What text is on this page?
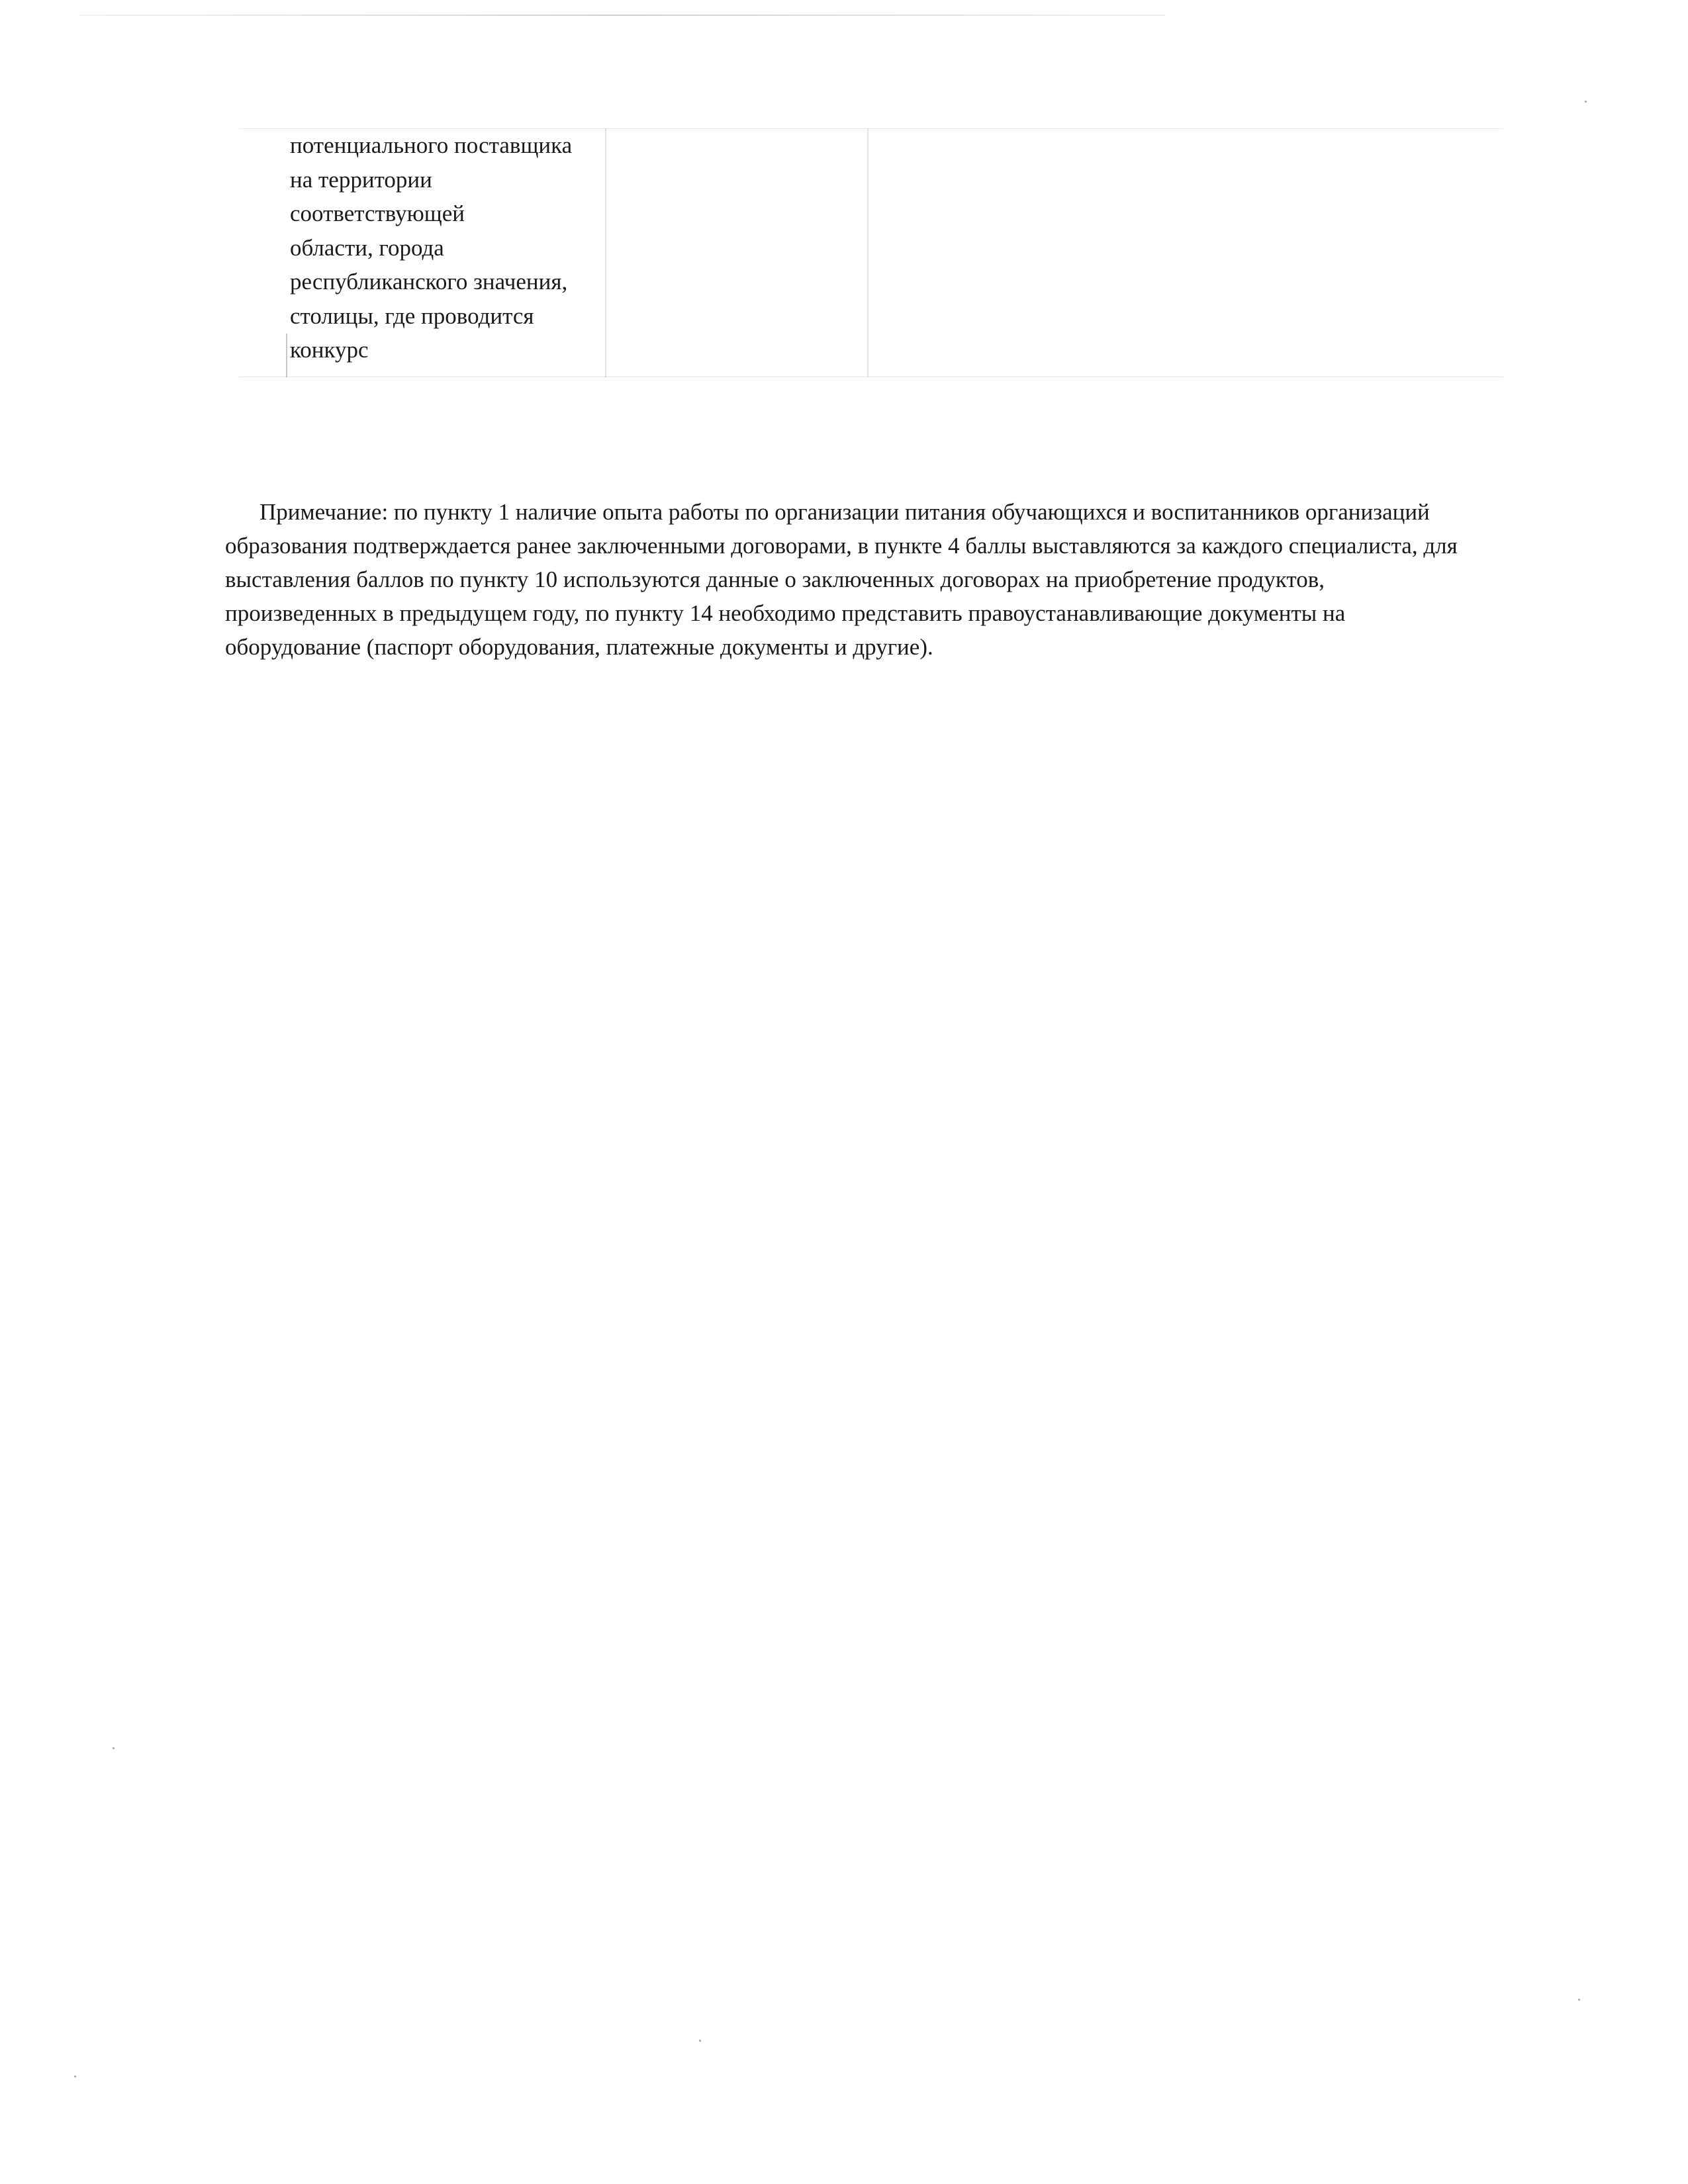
потенциального поставщика
на территории
соответствующей
области, города
республиканского значения,
столицы, где проводится
конкурс

Примечание: по пункту 1 наличие опыта работы по организации питания обучающихся и воспитанников организаций образования подтверждается ранее заключенными договорами, в пункте 4 баллы выставляются за каждого специалиста, для выставления баллов по пункту 10 используются данные о заключенных договорах на приобретение продуктов, произведенных в предыдущем году, по пункту 14 необходимо представить правоустанавливающие документы на оборудование (паспорт оборудования, платежные документы и другие).
